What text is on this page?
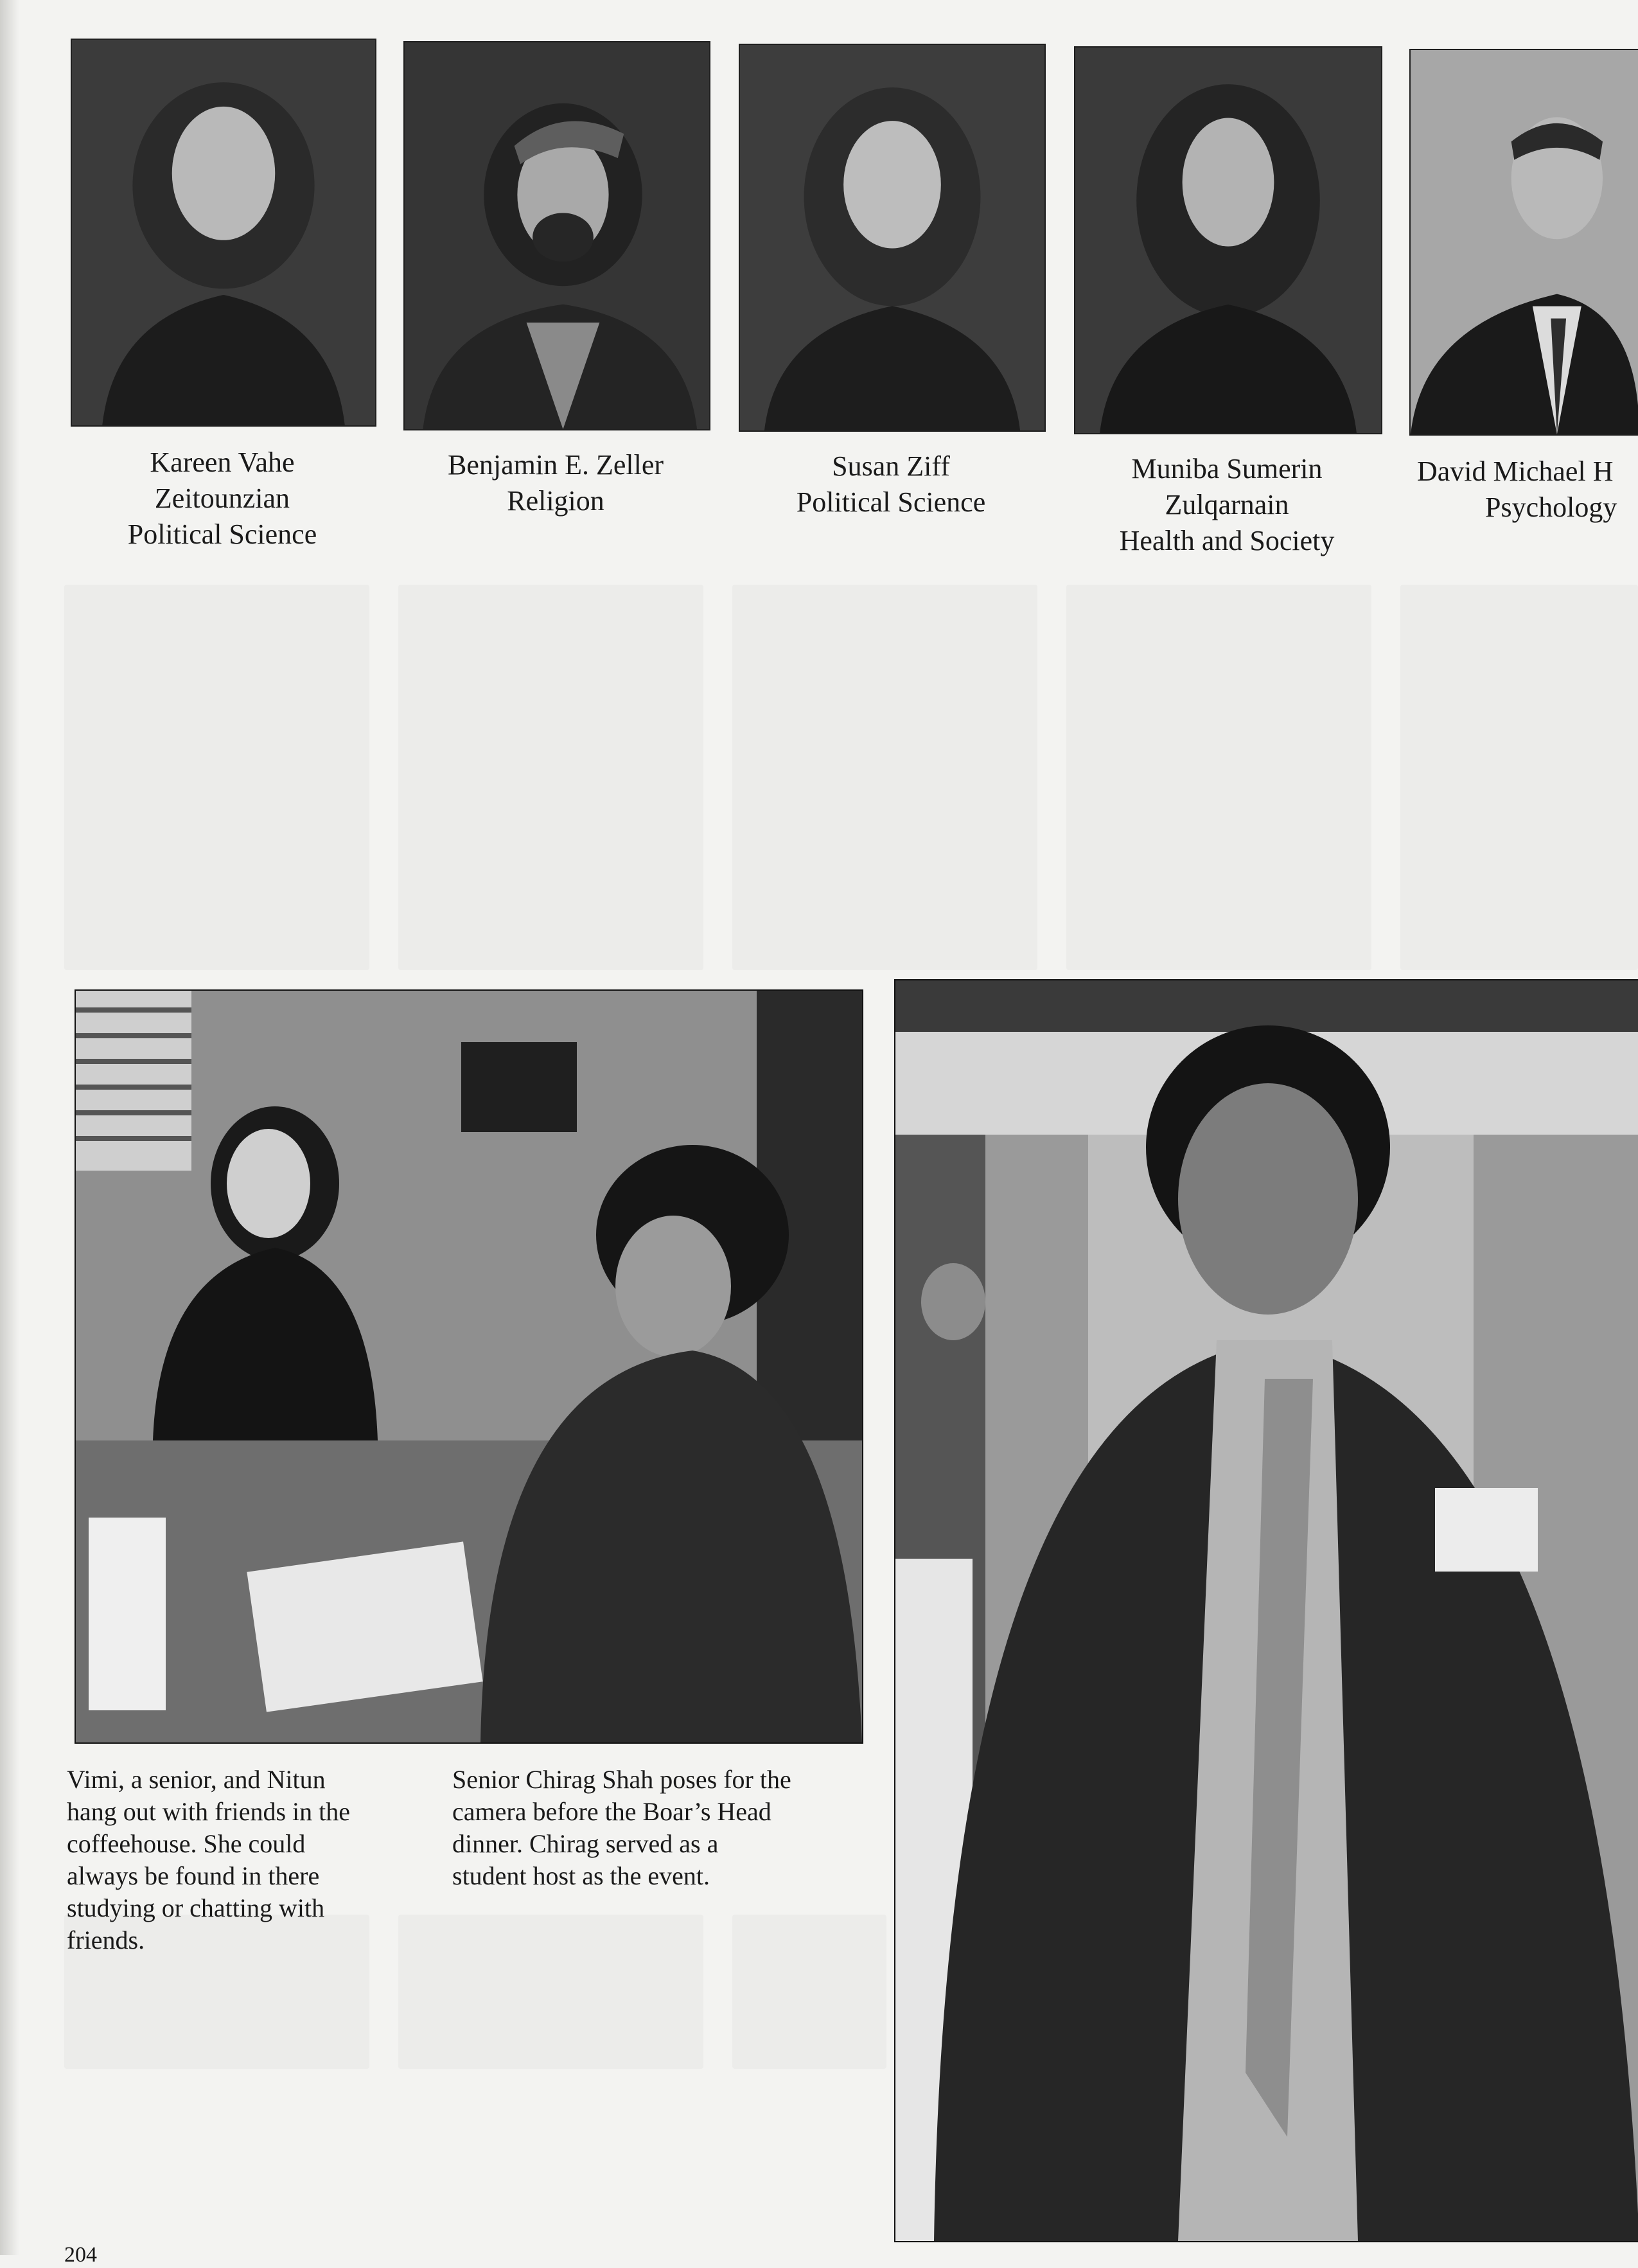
Kareen Vahe
Zeitounzian
Political Science
Benjamin E. Zeller
Religion
Susan Ziff
Political Science
Muniba Sumerin
Zulqarnain
Health and Society
David Michael H
Psychology
Vimi, a senior, and Nitun
hang out with friends in the
coffeehouse. She could
always be found in there
studying or chatting with
friends.
Senior Chirag Shah poses for the
camera before the Boar’s Head
dinner. Chirag served as a
student host as the event.
204
